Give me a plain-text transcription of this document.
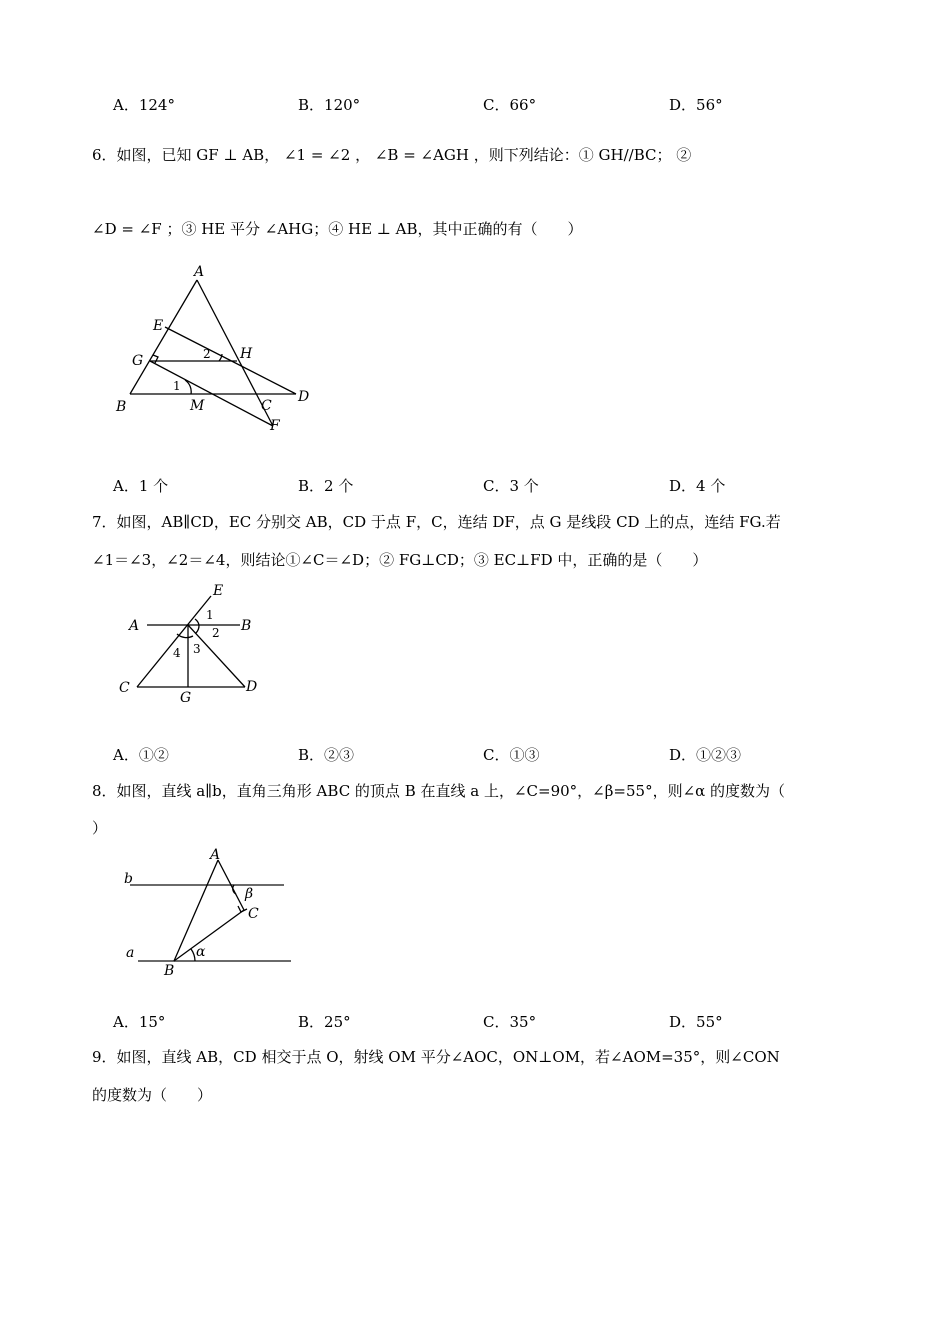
A．124°	B．120°	C．66°	D．56°
6．如图，已知 GF ⊥ AB， ∠1 = ∠2 ， ∠B = ∠AGH ，则下列结论：① GH//BC； ②
∠D = ∠F ；③ HE 平分 ∠AHG；④ HE ⊥ AB，其中正确的有（　　）
A
E
G	H
B	M	C
D
F
1
2
A．1 个	B．2 个	C．3 个	D．4 个
7．如图，AB∥CD，EC 分别交 AB，CD 于点 F，C，连结 DF，点 G 是线段 CD 上的点，连结 FG.若
∠1＝∠3，∠2＝∠4，则结论①∠C＝∠D；② FG⊥CD；③ EC⊥FD 中，正确的是（　　）
E
A	B
C	D
G
1
2
3
4
A．①②	B．②③	C．①③	D．①②③
8．如图，直线 a∥b，直角三角形 ABC 的顶点 B 在直线 a 上，∠C=90°，∠β=55°，则∠α 的度数为（
）
A
b
β
C
a
B
α
A．15°	B．25°	C．35°	D．55°
9．如图，直线 AB，CD 相交于点 O，射线 OM 平分∠AOC，ON⊥OM，若∠AOM=35°，则∠CON
的度数为（　　）
